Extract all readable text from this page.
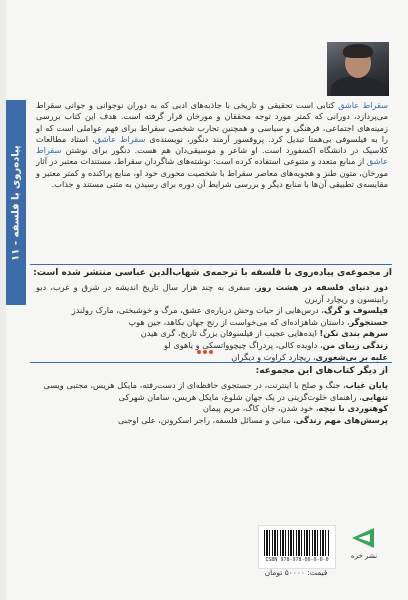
پیاده‌روی با فلسفه - ۱۱
سقراط عاشق کتابی است تحقیقی و تاریخی با جاذبه‌های ادبی که به دوران نوجوانی و جوانی سقراط می‌پردازد، دورانی که کمتر مورد توجه محققان و مورخان قرار گرفته است. هدف این کتاب بررسی زمینه‌های اجتماعی، فرهنگی و سیاسی و همچنین تجارب شخصی سقراط برای فهم عواملی است که او را به فیلسوفی بی‌همتا تبدیل کرد. پروفسور آرمند دنگور، نویسنده‌ی سقراط عاشق، استاد مطالعات کلاسیک در دانشگاه اکسفورد است. او شاعر و موسیقی‌دان هم هست. دنگور برای نوشتن سقراط عاشق از منابع متعدد و متنوعی استفاده کرده است: نوشته‌های شاگردان سقراط، مستندات معتبر در آثار مورخان، متون طنز و هجویه‌های معاصر سقراط با شخصیت محوری خود او، منابع پراکنده و کمتر معتبر و مقایسه‌ی تطبیقی آن‌ها با منابع دیگر و بررسی شرایط آن دوره برای رسیدن به متنی مستند و جذاب.
از مجموعه‌ی پیاده‌روی با فلسفه با ترجمه‌ی شهاب‌الدین عباسی منتشر شده است:
دور دنیای فلسفه در هشت روز، سفری به چند هزار سال تاریخ اندیشه در شرق و غرب، دیو رابینسون و ریچارد آزبرن
فیلسوف و گرگ، درس‌هایی از حیات وحش درباره‌ی عشق، مرگ و خوشبختی، مارک رولندز
جستجوگر، داستان شاهزاده‌ای که می‌خواست از رنج جهان بکاهد، جین هوپ
سرهم بندی نکن! ایده‌هایی عجیب از فیلسوفان بزرگ تاریخ، گری هیدن
زندگی زیبای من، داویده کالی، پردراگ چیچوواتسکی و یاهوی لو
غلبه بر بی‌شعوری، ریچارد کراوت و دیگران
از دیگر کتاب‌های این مجموعه:
پایان غیاب، جنگ و صلح با اینترنت، در جستجوی حافظه‌ای از دست‌رفته، مایکل هریس، مجتبی ویسی
تنهایی، راهنمای خلوت‌گزینی در یک جهان شلوغ، مایکل هریس، سامان شهرکی
کوهنوردی با نیچه، خود شدن، جان کاگ، مریم پیمان
پرسش‌های مهم زندگی، مبانی و مسائل فلسفه، راجر اسکروتن، علی اوجبی
ISBN 978-978-00-0-0-0
قیمت: ۵۰۰۰۰ تومان
نشر خزه
